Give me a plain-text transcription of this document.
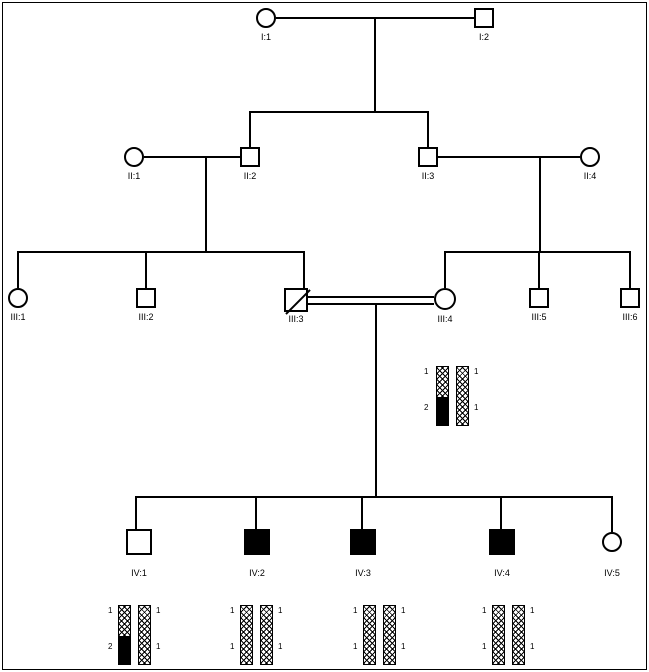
I:1	I:2
II:1	II:2	II:3	II:4
III:1	III:2	III:3	III:4	III:5	III:6
IV:1	IV:2	IV:3	IV:4	IV:5
1
2
1
1
1
2
1
1
1
1
1
1
1
1
1
1
1
1
1
1
